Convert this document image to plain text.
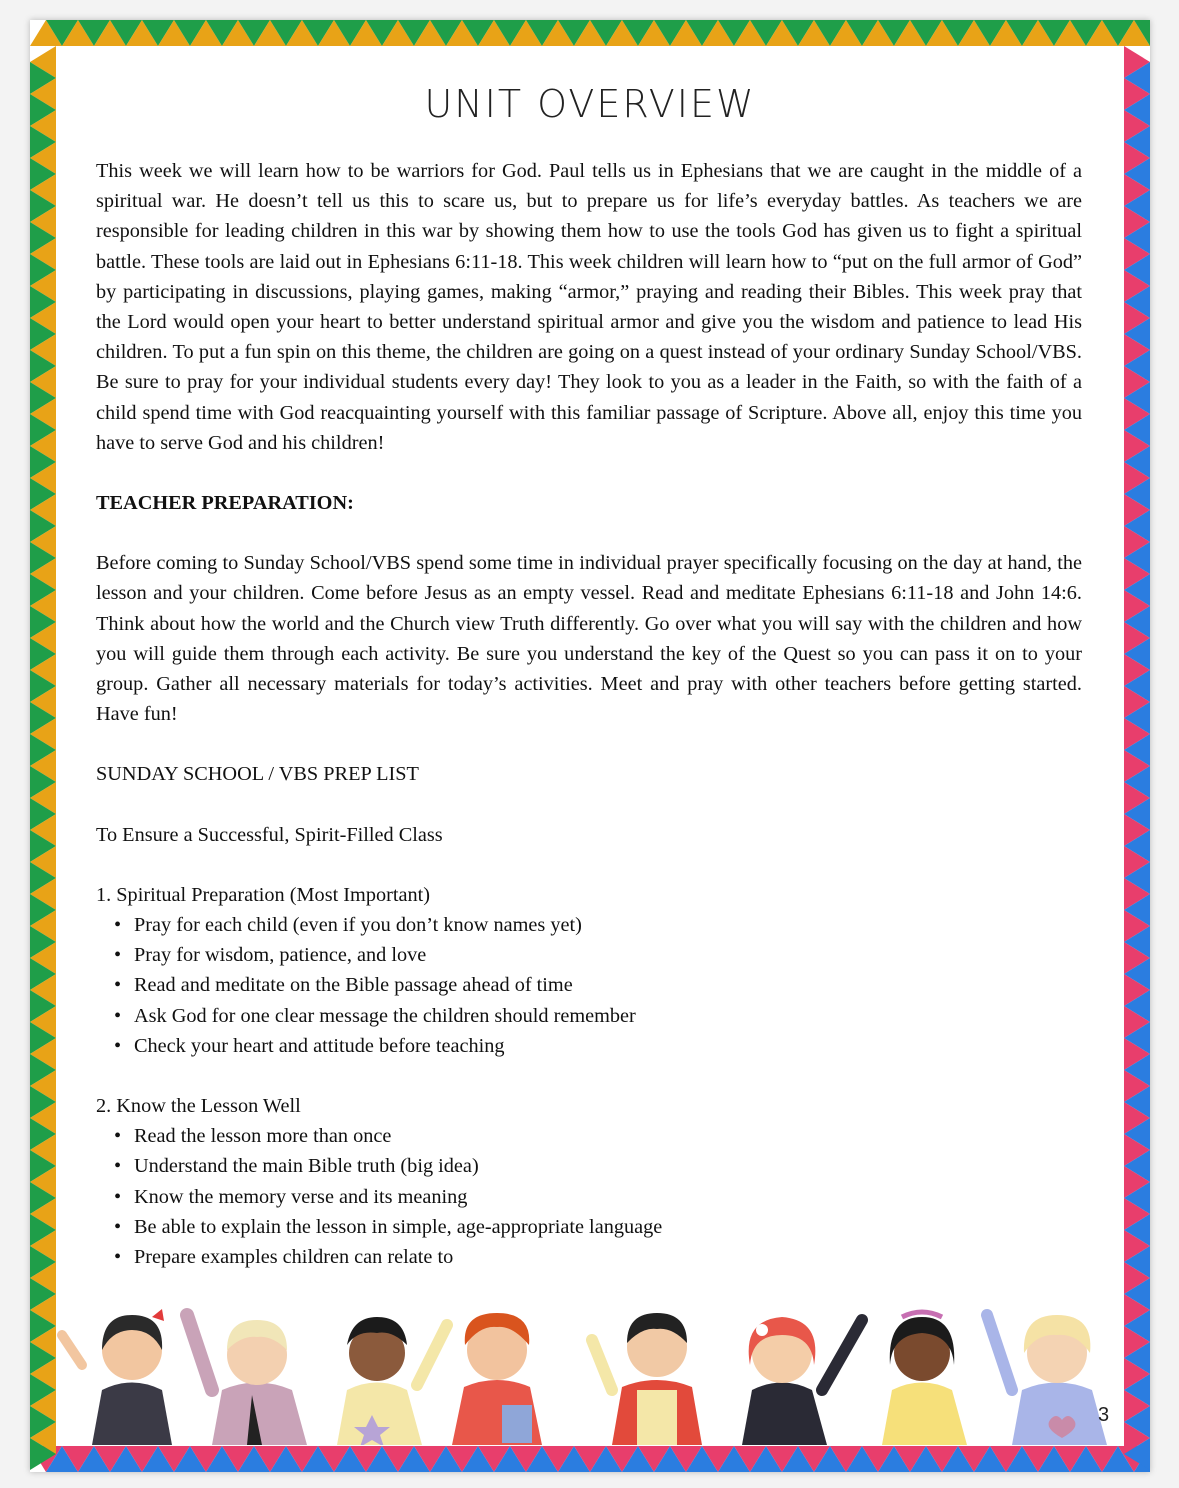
UNIT OVERVIEW

This week we will learn how to be warriors for God. Paul tells us in Ephesians that we are caught in the middle of a spiritual war. He doesn’t tell us this to scare us, but to prepare us for life’s everyday battles. As teachers we are responsible for leading children in this war by showing them how to use the tools God has given us to fight a spiritual battle. These tools are laid out in Ephesians 6:11-18. This week children will learn how to “put on the full armor of God” by participating in discussions, playing games, making “armor,” praying and reading their Bibles. This week pray that the Lord would open your heart to better understand spiritual armor and give you the wisdom and patience to lead His children. To put a fun spin on this theme, the children are going on a quest instead of your ordinary Sunday School/VBS. Be sure to pray for your individual students every day! They look to you as a leader in the Faith, so with the faith of a child spend time with God reacquainting yourself with this familiar passage of Scripture. Above all, enjoy this time you have to serve God and his children!

TEACHER PREPARATION:

Before coming to Sunday School/VBS spend some time in individual prayer specifically focusing on the day at hand, the lesson and your children. Come before Jesus as an empty vessel. Read and meditate Ephesians 6:11-18 and John 14:6. Think about how the world and the Church view Truth differently. Go over what you will say with the children and how you will guide them through each activity. Be sure you understand the key of the Quest so you can pass it on to your group. Gather all necessary materials for today’s activities. Meet and pray with other teachers before getting started. Have fun!

SUNDAY SCHOOL / VBS PREP LIST
To Ensure a Successful, Spirit-Filled Class
1. Spiritual Preparation (Most Important)
• Pray for each child (even if you don’t know names yet)
• Pray for wisdom, patience, and love
• Read and meditate on the Bible passage ahead of time
• Ask God for one clear message the children should remember
• Check your heart and attitude before teaching
2. Know the Lesson Well
• Read the lesson more than once
• Understand the main Bible truth (big idea)
• Know the memory verse and its meaning
• Be able to explain the lesson in simple, age-appropriate language
• Prepare examples children can relate to
3
